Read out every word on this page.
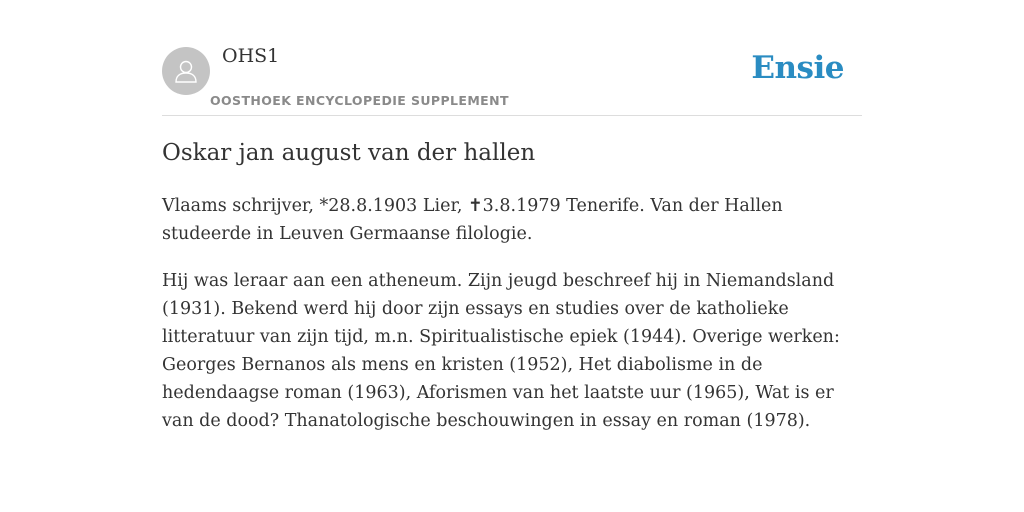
OHS1
OOSTHOEK ENCYCLOPEDIE SUPPLEMENT
Ensie
Oskar jan august van der hallen

Vlaams schrijver, *28.8.1903 Lier, ✝3.8.1979 Tenerife. Van der Hallen studeerde in Leuven Germaanse filologie.

Hij was leraar aan een atheneum. Zijn jeugd beschreef hij in Niemandsland (1931). Bekend werd hij door zijn essays en studies over de katholieke litteratuur van zijn tijd, m.n. Spiritualistische epiek (1944). Overige werken: Georges Bernanos als mens en kristen (1952), Het diabolisme in de hedendaagse roman (1963), Aforismen van het laatste uur (1965), Wat is er van de dood? Thanatologische beschouwingen in essay en roman (1978).
